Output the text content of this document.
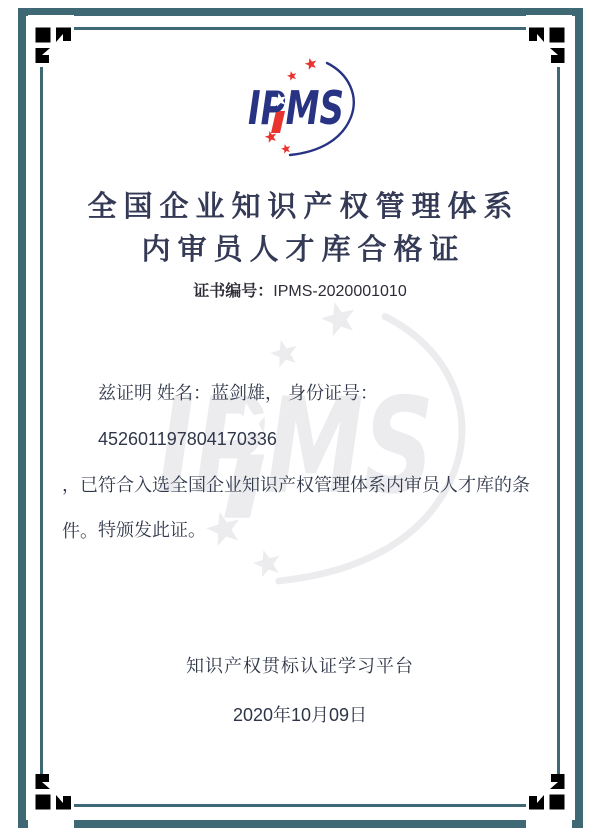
全国企业知识产权管理体系
内审员人才库合格证
证书编号：IPMS-2020001010
兹证明 姓名：蓝剑雄， 身份证号：452601197804170336
，已符合入选全国企业知识产权管理体系内审员人才库的条件。 特颁发此证。
知识产权贯标认证学习平台
2020年10月09日
